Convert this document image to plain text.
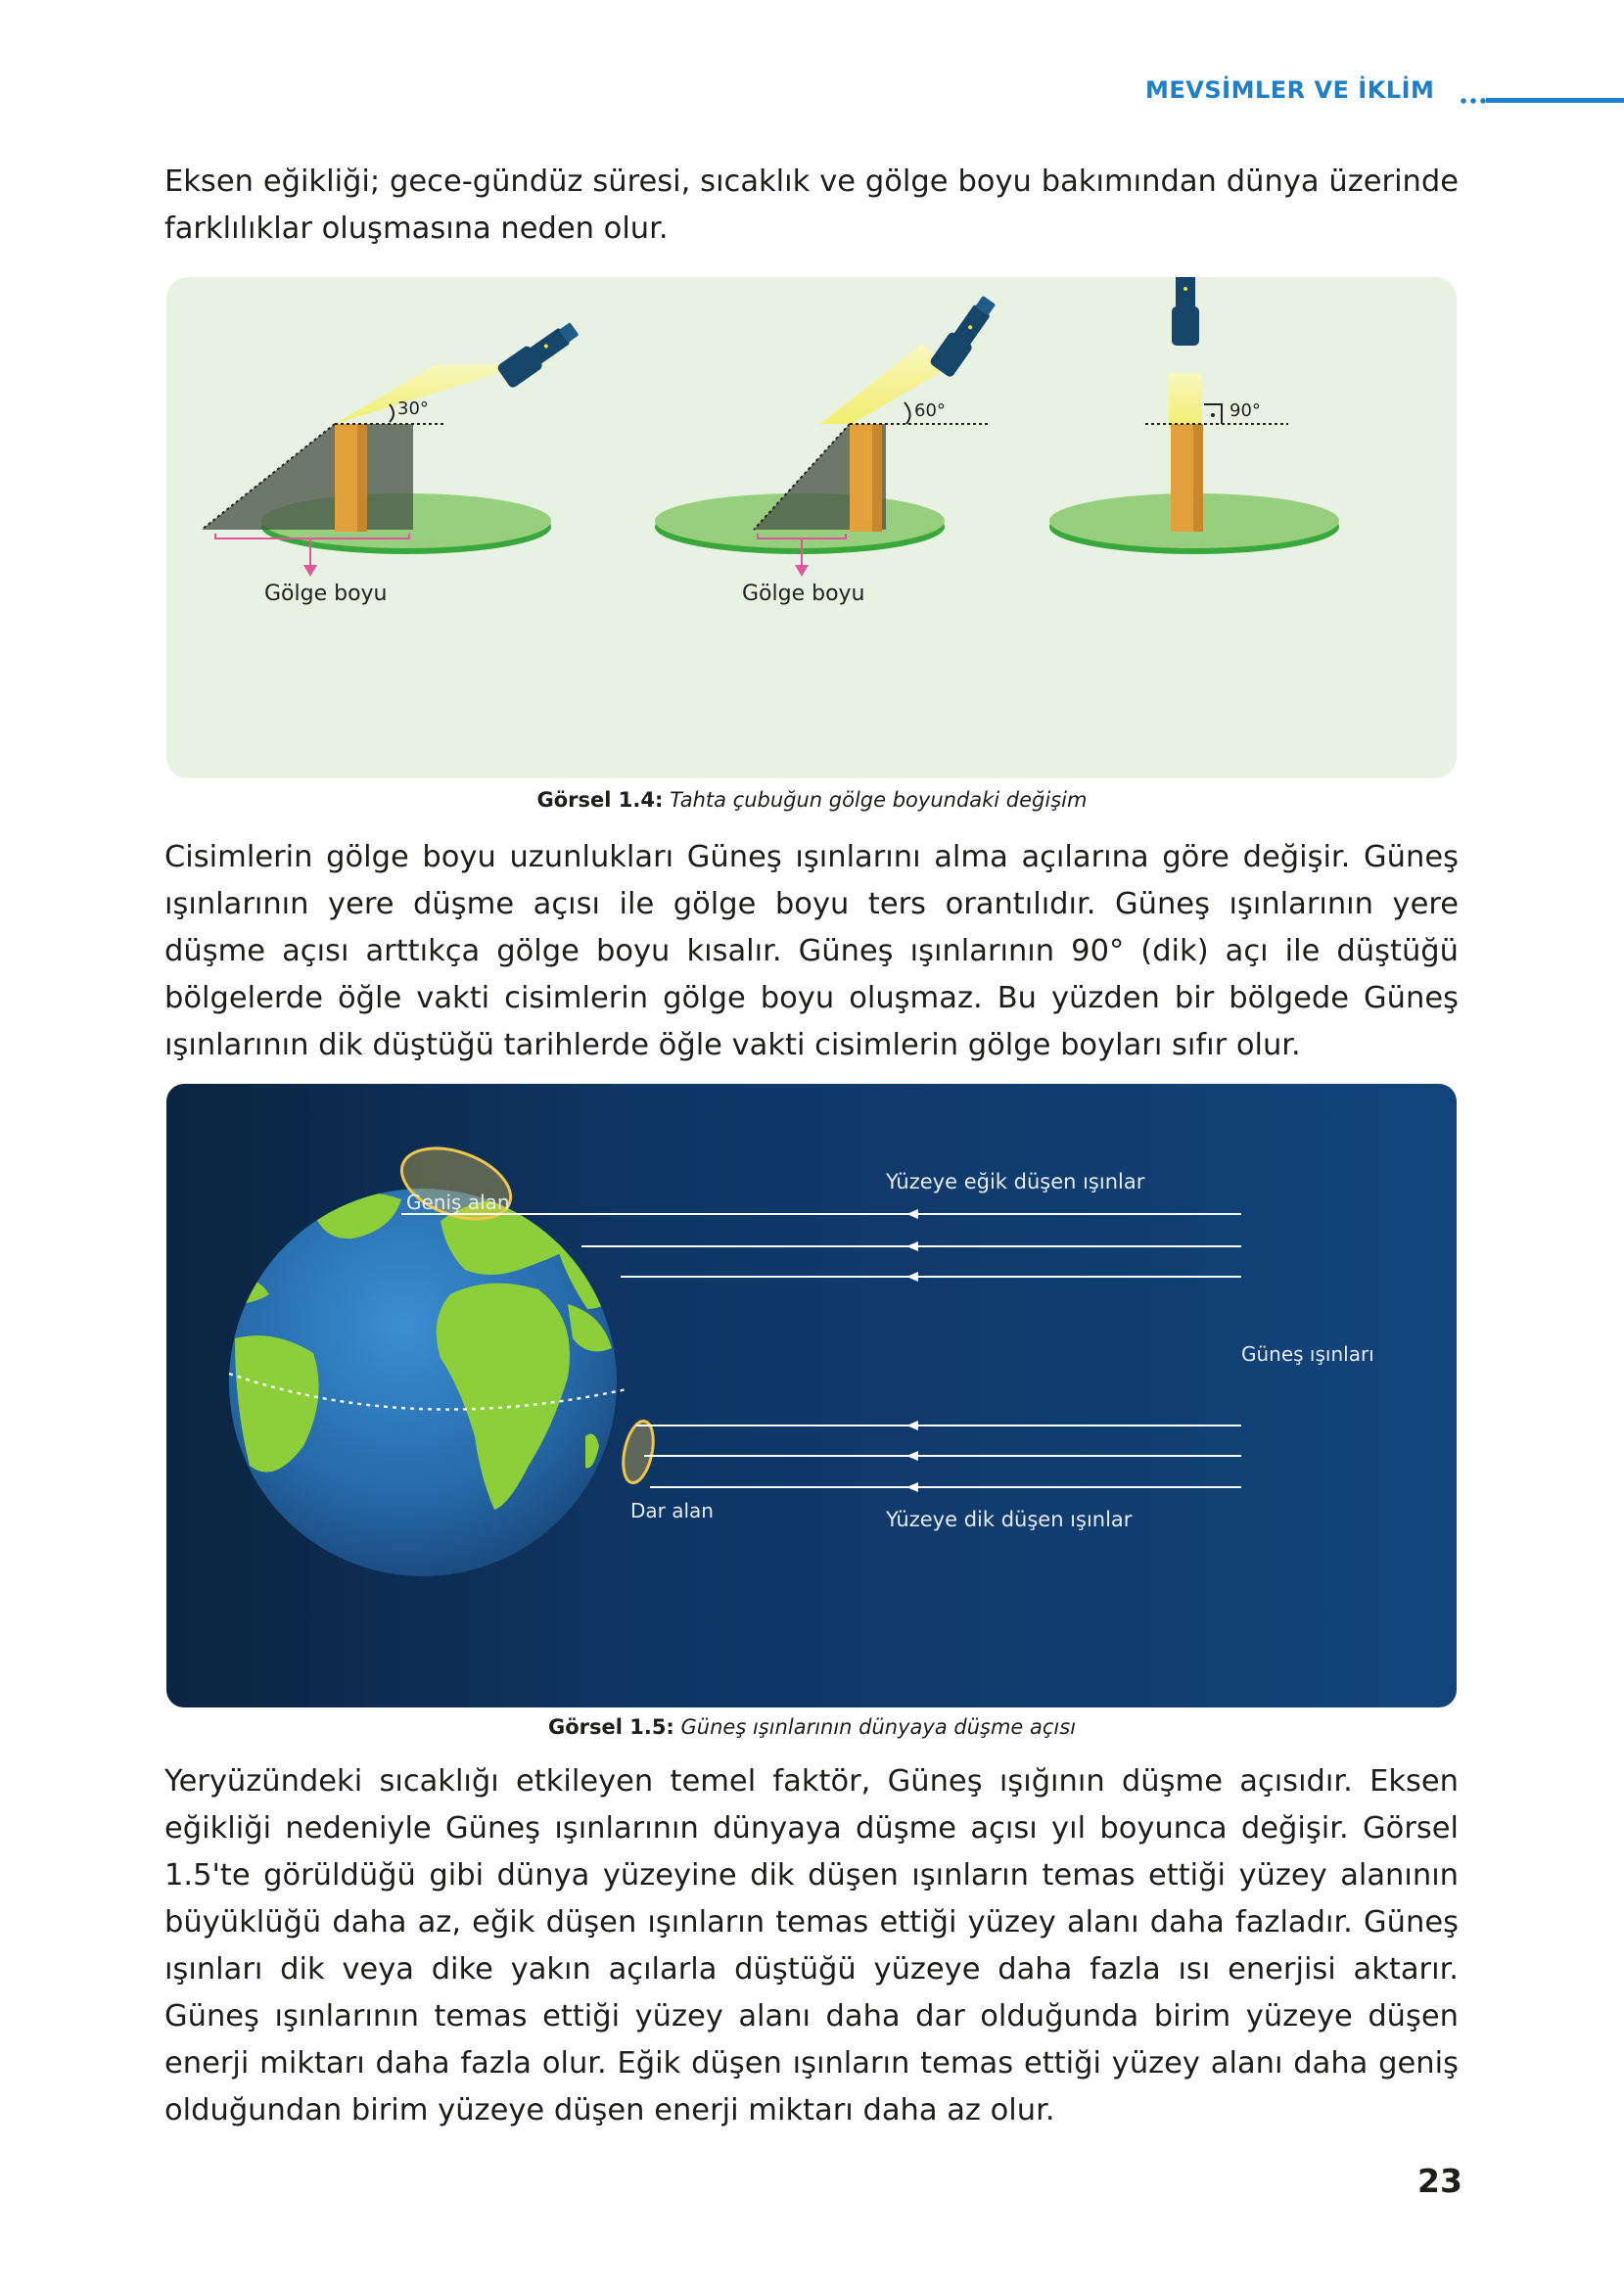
MEVSİMLER VE İKLİM

Eksen eğikliği; gece-gündüz süresi, sıcaklık ve gölge boyu bakımından dünya üzerinde farklılıklar oluşmasına neden olur.

30°
Gölge boyu
60°
Gölge boyu
90°
Görsel 1.4: Tahta çubuğun gölge boyundaki değişim

Cisimlerin gölge boyu uzunlukları Güneş ışınlarını alma açılarına göre değişir. Güneş ışınlarının yere düşme açısı ile gölge boyu ters orantılıdır. Güneş ışınlarının yere düşme açısı arttıkça gölge boyu kısalır. Güneş ışınlarının 90° (dik) açı ile düştüğü bölgelerde öğle vakti cisimlerin gölge boyu oluşmaz. Bu yüzden bir bölgede Güneş ışınlarının dik düştüğü tarihlerde öğle vakti cisimlerin gölge boyları sıfır olur.

Geniş alan
Dar alan
Yüzeye eğik düşen ışınlar
Yüzeye dik düşen ışınlar
Güneş ışınları
Görsel 1.5: Güneş ışınlarının dünyaya düşme açısı

Yeryüzündeki sıcaklığı etkileyen temel faktör, Güneş ışığının düşme açısıdır. Eksen eğikliği nedeniyle Güneş ışınlarının dünyaya düşme açısı yıl boyunca değişir. Görsel 1.5'te görüldüğü gibi dünya yüzeyine dik düşen ışınların temas ettiği yüzey alanının büyüklüğü daha az, eğik düşen ışınların temas ettiği yüzey alanı daha fazladır. Güneş ışınları dik veya dike yakın açılarla düştüğü yüzeye daha fazla ısı enerjisi aktarır. Güneş ışınlarının temas ettiği yüzey alanı daha dar olduğunda birim yüzeye düşen enerji miktarı daha fazla olur. Eğik düşen ışınların temas ettiği yüzey alanı daha geniş olduğundan birim yüzeye düşen enerji miktarı daha az olur.

23
